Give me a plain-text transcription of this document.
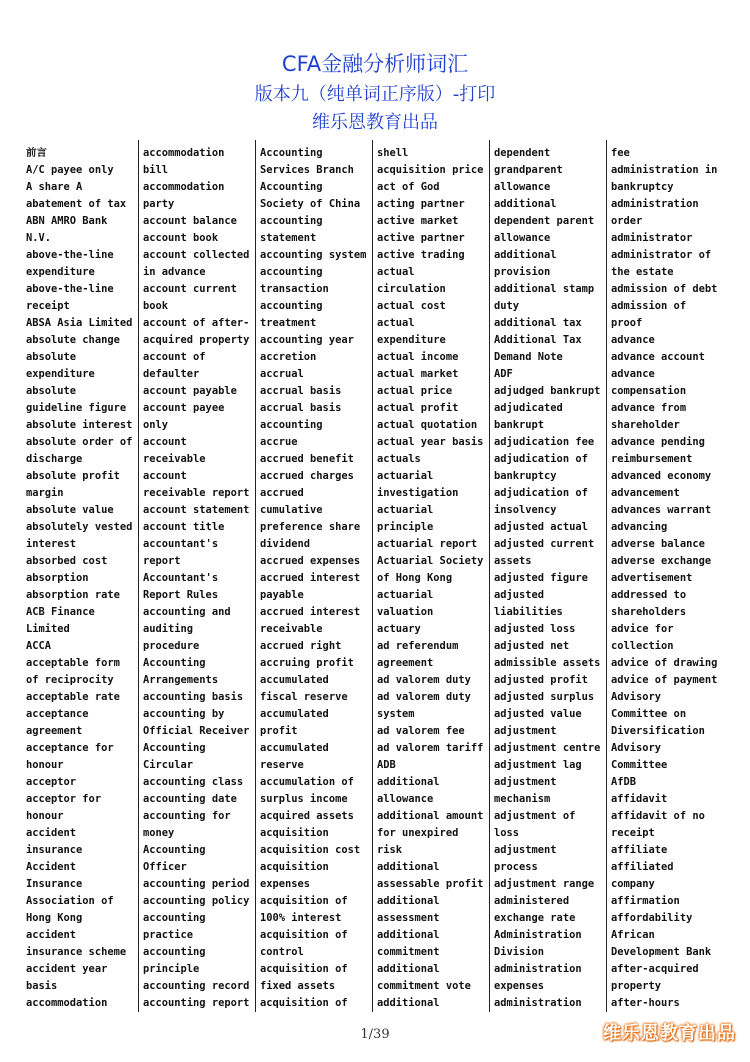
CFA金融分析师词汇
版本九（纯单词正序版）-打印
维乐恩教育出品
前言
A/C payee only
A share A
abatement of tax
ABN AMRO Bank
N.V.
above-the-line
expenditure
above-the-line
receipt
ABSA Asia Limited
absolute change
absolute
expenditure
absolute
guideline figure
absolute interest
absolute order of
discharge
absolute profit
margin
absolute value
absolutely vested
interest
absorbed cost
absorption
absorption rate
ACB Finance
Limited
ACCA
acceptable form
of reciprocity
acceptable rate
acceptance
agreement
acceptance for
honour
acceptor
acceptor for
honour
accident
insurance
Accident
Insurance
Association of
Hong Kong
accident
insurance scheme
accident year
basis
accommodation
accommodation
bill
accommodation
party
account balance
account book
account collected
in advance
account current
book
account of after-
acquired property
account of
defaulter
account payable
account payee
only
account
receivable
account
receivable report
account statement
account title
accountant's
report
Accountant's
Report Rules
accounting and
auditing
procedure
Accounting
Arrangements
accounting basis
accounting by
Official Receiver
Accounting
Circular
accounting class
accounting date
accounting for
money
Accounting
Officer
accounting period
accounting policy
accounting
practice
accounting
principle
accounting record
accounting report
Accounting
Services Branch
Accounting
Society of China
accounting
statement
accounting system
accounting
transaction
accounting
treatment
accounting year
accretion
accrual
accrual basis
accrual basis
accounting
accrue
accrued benefit
accrued charges
accrued
cumulative
preference share
dividend
accrued expenses
accrued interest
payable
accrued interest
receivable
accrued right
accruing profit
accumulated
fiscal reserve
accumulated
profit
accumulated
reserve
accumulation of
surplus income
acquired assets
acquisition
acquisition cost
acquisition
expenses
acquisition of
100% interest
acquisition of
control
acquisition of
fixed assets
acquisition of
shell
acquisition price
act of God
acting partner
active market
active partner
active trading
actual
circulation
actual cost
actual
expenditure
actual income
actual market
actual price
actual profit
actual quotation
actual year basis
actuals
actuarial
investigation
actuarial
principle
actuarial report
Actuarial Society
of Hong Kong
actuarial
valuation
actuary
ad referendum
agreement
ad valorem duty
ad valorem duty
system
ad valorem fee
ad valorem tariff
ADB
additional
allowance
additional amount
for unexpired
risk
additional
assessable profit
additional
assessment
additional
commitment
additional
commitment vote
additional
dependent
grandparent
allowance
additional
dependent parent
allowance
additional
provision
additional stamp
duty
additional tax
Additional Tax
Demand Note
ADF
adjudged bankrupt
adjudicated
bankrupt
adjudication fee
adjudication of
bankruptcy
adjudication of
insolvency
adjusted actual
adjusted current
assets
adjusted figure
adjusted
liabilities
adjusted loss
adjusted net
admissible assets
adjusted profit
adjusted surplus
adjusted value
adjustment
adjustment centre
adjustment lag
adjustment
mechanism
adjustment of
loss
adjustment
process
adjustment range
administered
exchange rate
Administration
Division
administration
expenses
administration
fee
administration in
bankruptcy
administration
order
administrator
administrator of
the estate
admission of debt
admission of
proof
advance
advance account
advance
compensation
advance from
shareholder
advance pending
reimbursement
advanced economy
advancement
advances warrant
advancing
adverse balance
adverse exchange
advertisement
addressed to
shareholders
advice for
collection
advice of drawing
advice of payment
Advisory
Committee on
Diversification
Advisory
Committee
AfDB
affidavit
affidavit of no
receipt
affiliate
affiliated
company
affirmation
affordability
African
Development Bank
after-acquired
property
after-hours
1/39	维乐恩教育出品
